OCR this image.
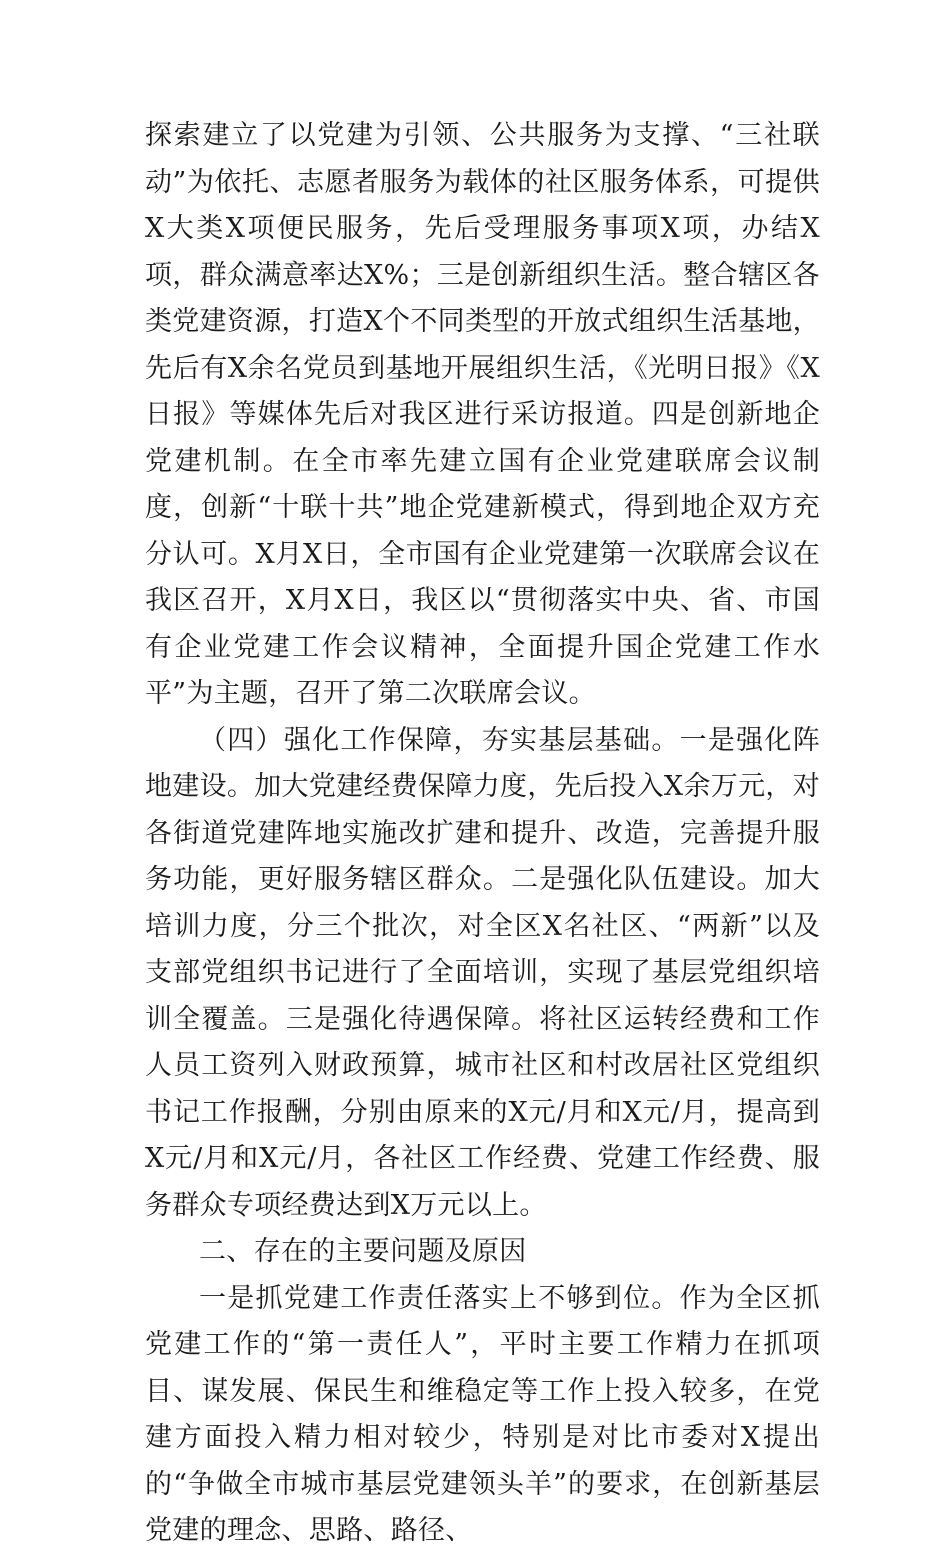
探索建立了以党建为引领、公共服务为支撑、“三社联动”为依托、志愿者服务为载体的社区服务体系，可提供X大类X项便民服务，先后受理服务事项X项，办结X项，群众满意率达X%；三是创新组织生活。整合辖区各类党建资源，打造X个不同类型的开放式组织生活基地，先后有X余名党员到基地开展组织生活，《光明日报》《X日报》等媒体先后对我区进行采访报道。四是创新地企党建机制。在全市率先建立国有企业党建联席会议制度，创新“十联十共”地企党建新模式，得到地企双方充分认可。X月X日，全市国有企业党建第一次联席会议在我区召开，X月X日，我区以“贯彻落实中央、省、市国有企业党建工作会议精神，全面提升国企党建工作水平”为主题，召开了第二次联席会议。

（四）强化工作保障，夯实基层基础。一是强化阵地建设。加大党建经费保障力度，先后投入X余万元，对各街道党建阵地实施改扩建和提升、改造，完善提升服务功能，更好服务辖区群众。二是强化队伍建设。加大培训力度，分三个批次，对全区X名社区、“两新”以及支部党组织书记进行了全面培训，实现了基层党组织培训全覆盖。三是强化待遇保障。将社区运转经费和工作人员工资列入财政预算，城市社区和村改居社区党组织书记工作报酬，分别由原来的X元/月和X元/月，提高到X元/月和X元/月，各社区工作经费、党建工作经费、服务群众专项经费达到X万元以上。

二、存在的主要问题及原因

一是抓党建工作责任落实上不够到位。作为全区抓党建工作的“第一责任人”，平时主要工作精力在抓项目、谋发展、保民生和维稳定等工作上投入较多，在党建方面投入精力相对较少，特别是对比市委对X提出的“争做全市城市基层党建领头羊”的要求，在创新基层党建的理念、思路、路径、
